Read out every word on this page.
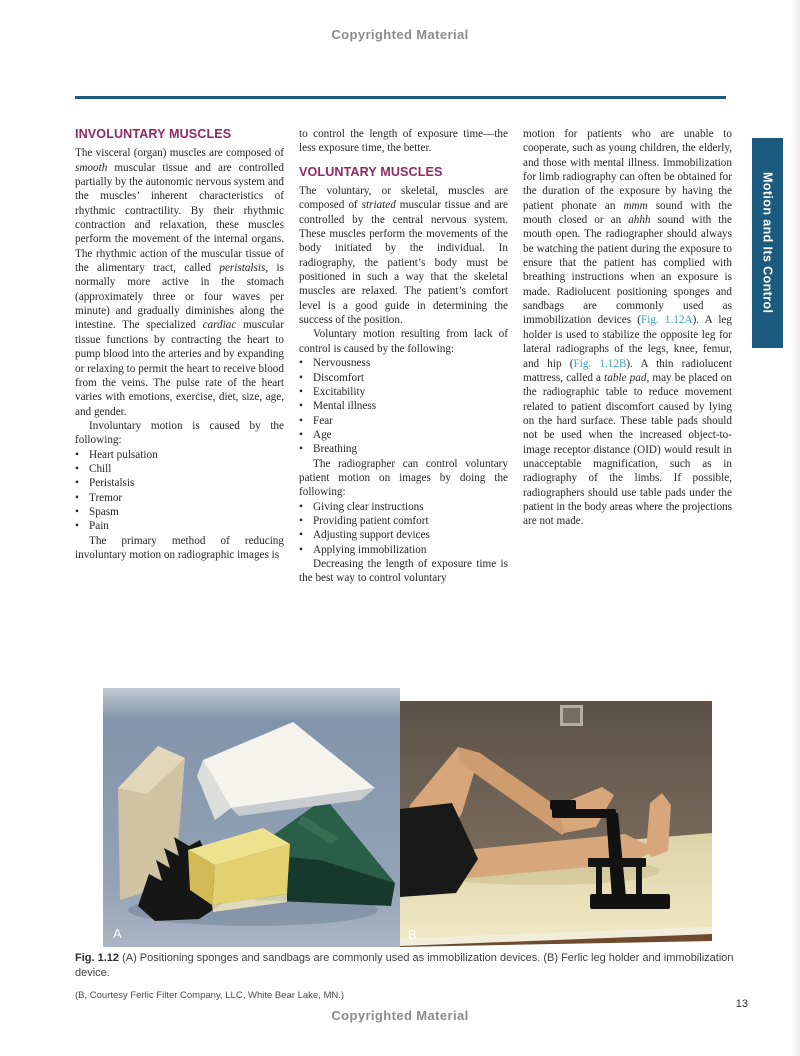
Copyrighted Material
Motion and Its Control
INVOLUNTARY MUSCLES

The visceral (organ) muscles are composed of smooth muscular tissue and are controlled partially by the autonomic nervous system and the muscles’ inherent characteristics of rhythmic contractility. By their rhythmic contraction and relaxation, these muscles perform the movement of the internal organs. The rhythmic action of the muscular tissue of the alimentary tract, called peristalsis, is normally more active in the stomach (approximately three or four waves per minute) and gradually diminishes along the intestine. The specialized cardiac muscular tissue functions by contracting the heart to pump blood into the arteries and by expanding or relaxing to permit the heart to receive blood from the veins. The pulse rate of the heart varies with emotions, exercise, diet, size, age, and gender.

Involuntary motion is caused by the following:

• Heart pulsation
• Chill
• Peristalsis
• Tremor
• Spasm
• Pain

The primary method of reducing involuntary motion on radiographic images is

to control the length of exposure time—the less exposure time, the better.

VOLUNTARY MUSCLES

The voluntary, or skeletal, muscles are composed of striated muscular tissue and are controlled by the central nervous system. These muscles perform the movements of the body initiated by the individual. In radiography, the patient’s body must be positioned in such a way that the skeletal muscles are relaxed. The patient’s comfort level is a good guide in determining the success of the position.

Voluntary motion resulting from lack of control is caused by the following:

• Nervousness
• Discomfort
• Excitability
• Mental illness
• Fear
• Age
• Breathing

The radiographer can control voluntary patient motion on images by doing the following:

• Giving clear instructions
• Providing patient comfort
• Adjusting support devices
• Applying immobilization

Decreasing the length of exposure time is the best way to control voluntary

motion for patients who are unable to cooperate, such as young children, the elderly, and those with mental illness. Immobilization for limb radiography can often be obtained for the duration of the exposure by having the patient phonate an mmm sound with the mouth closed or an ahhh sound with the mouth open. The radiographer should always be watching the patient during the exposure to ensure that the patient has complied with breathing instructions when an exposure is made. Radiolucent positioning sponges and sandbags are commonly used as immobilization devices (Fig. 1.12A). A leg holder is used to stabilize the opposite leg for lateral radiographs of the legs, knee, femur, and hip (Fig. 1.12B). A thin radiolucent mattress, called a table pad, may be placed on the radiographic table to reduce movement related to patient discomfort caused by lying on the hard surface. These table pads should not be used when the increased object-to-image receptor distance (OID) would result in unacceptable magnification, such as in radiography of the limbs. If possible, radiographers should use table pads under the patient in the body areas where the projections are not made.

A	B
Fig. 1.12 (A) Positioning sponges and sandbags are commonly used as immobilization devices. (B) Ferlic leg holder and immobilization device.
(B, Courtesy Ferlic Filter Company, LLC, White Bear Lake, MN.)
13
Copyrighted Material
